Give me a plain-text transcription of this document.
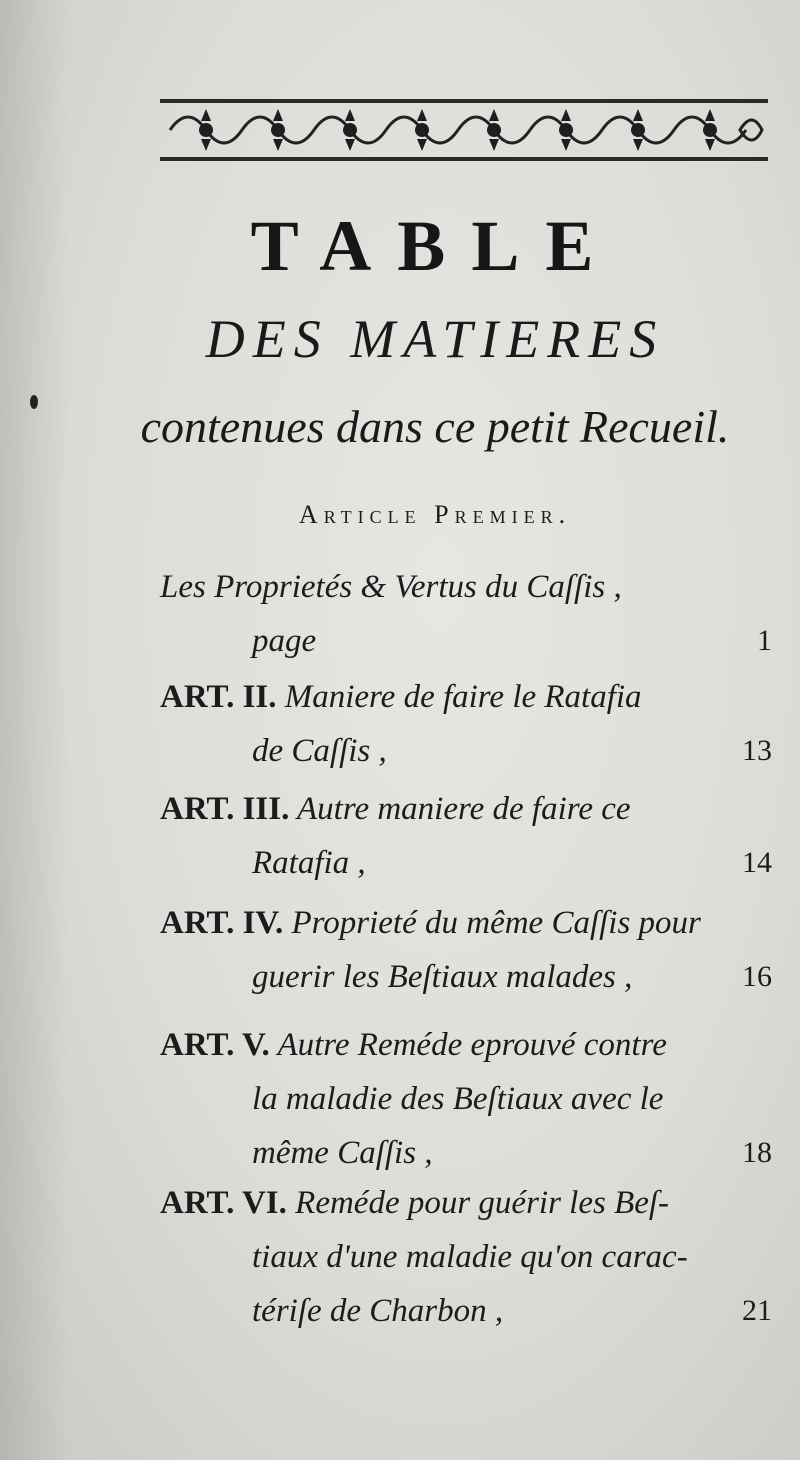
TABLE
DES MATIERES
contenues dans ce petit Recueil.
Article Premier.
Les Proprietés & Vertus du Caſſis ,
page	1
ART. II. Maniere de faire le Ratafia
de Caſſis ,	13
ART. III. Autre maniere de faire ce
Ratafia ,	14
ART. IV. Proprieté du même Caſſis pour
guerir les Beſtiaux malades ,	16
ART. V. Autre Reméde eprouvé contre
la maladie des Beſtiaux avec le
même Caſſis ,	18
ART. VI. Reméde pour guérir les Beſ-
tiaux d'une maladie qu'on carac-
tériſe de Charbon ,	21
